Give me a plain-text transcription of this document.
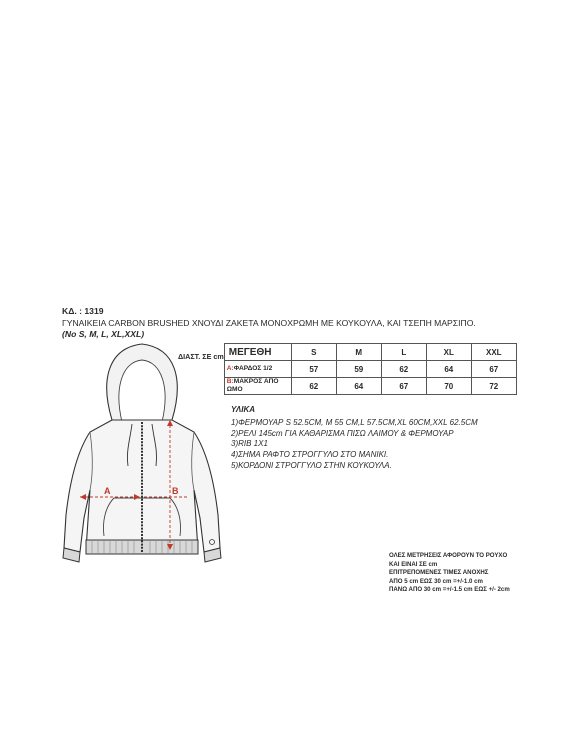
ΚΔ. : 1319
ΓΥΝΑΙΚΕΙΑ CARBON BRUSHED ΧΝΟΥΔΙ ΖΑΚΕΤΑ ΜΟΝΟΧΡΩΜΗ ΜΕ ΚΟΥΚΟΥΛΑ, ΚΑΙ ΤΣΕΠΗ ΜΑΡΣΙΠΟ.
(No S, M, L, XL,XXL)
A	B
ΔΙΑΣΤ. ΣΕ cm	ΜΕΓΕΘΗ	S	M	L	XL	XXL
	A:ΦΑΡΔΟΣ 1/2	57	59	62	64	67
	B:ΜΑΚΡΟΣ ΑΠΟ ΩΜΟ	62	64	67	70	72
ΥΛΙΚΑ
1)ΦΕΡΜΟΥΑΡ S 52.5CM, M 55 CM,L 57.5CM,XL 60CM,XXL 62.5CM
2)ΡΕΛΙ 145cm ΓΙΑ ΚΑΘΑΡΙΣΜΑ ΠΙΣΩ ΛΑΙΜΟΥ & ΦΕΡΜΟΥΑΡ
3)RIB 1X1
4)ΣΗΜΑ ΡΑΦΤΟ ΣΤΡΟΓΓΥΛΟ ΣΤΟ ΜΑΝΙΚΙ.
5)ΚΟΡΔΟΝΙ ΣΤΡΟΓΓΥΛΟ ΣΤΗΝ ΚΟΥΚΟΥΛΑ.
ΟΛΕΣ ΜΕΤΡΗΣΕΙΣ ΑΦΟΡΟΥΝ ΤΟ ΡΟΥΧΟ
ΚΑΙ ΕΙΝΑΙ ΣΕ cm
ΕΠΙΤΡΕΠΟΜΕΝΕΣ ΤΙΜΕΣ ΑΝΟΧΗΣ
ΑΠΟ 5 cm ΕΩΣ 30 cm =+/-1.0 cm
ΠΑΝΩ ΑΠΟ 30 cm =+/-1.5 cm ΕΩΣ +/- 2cm
